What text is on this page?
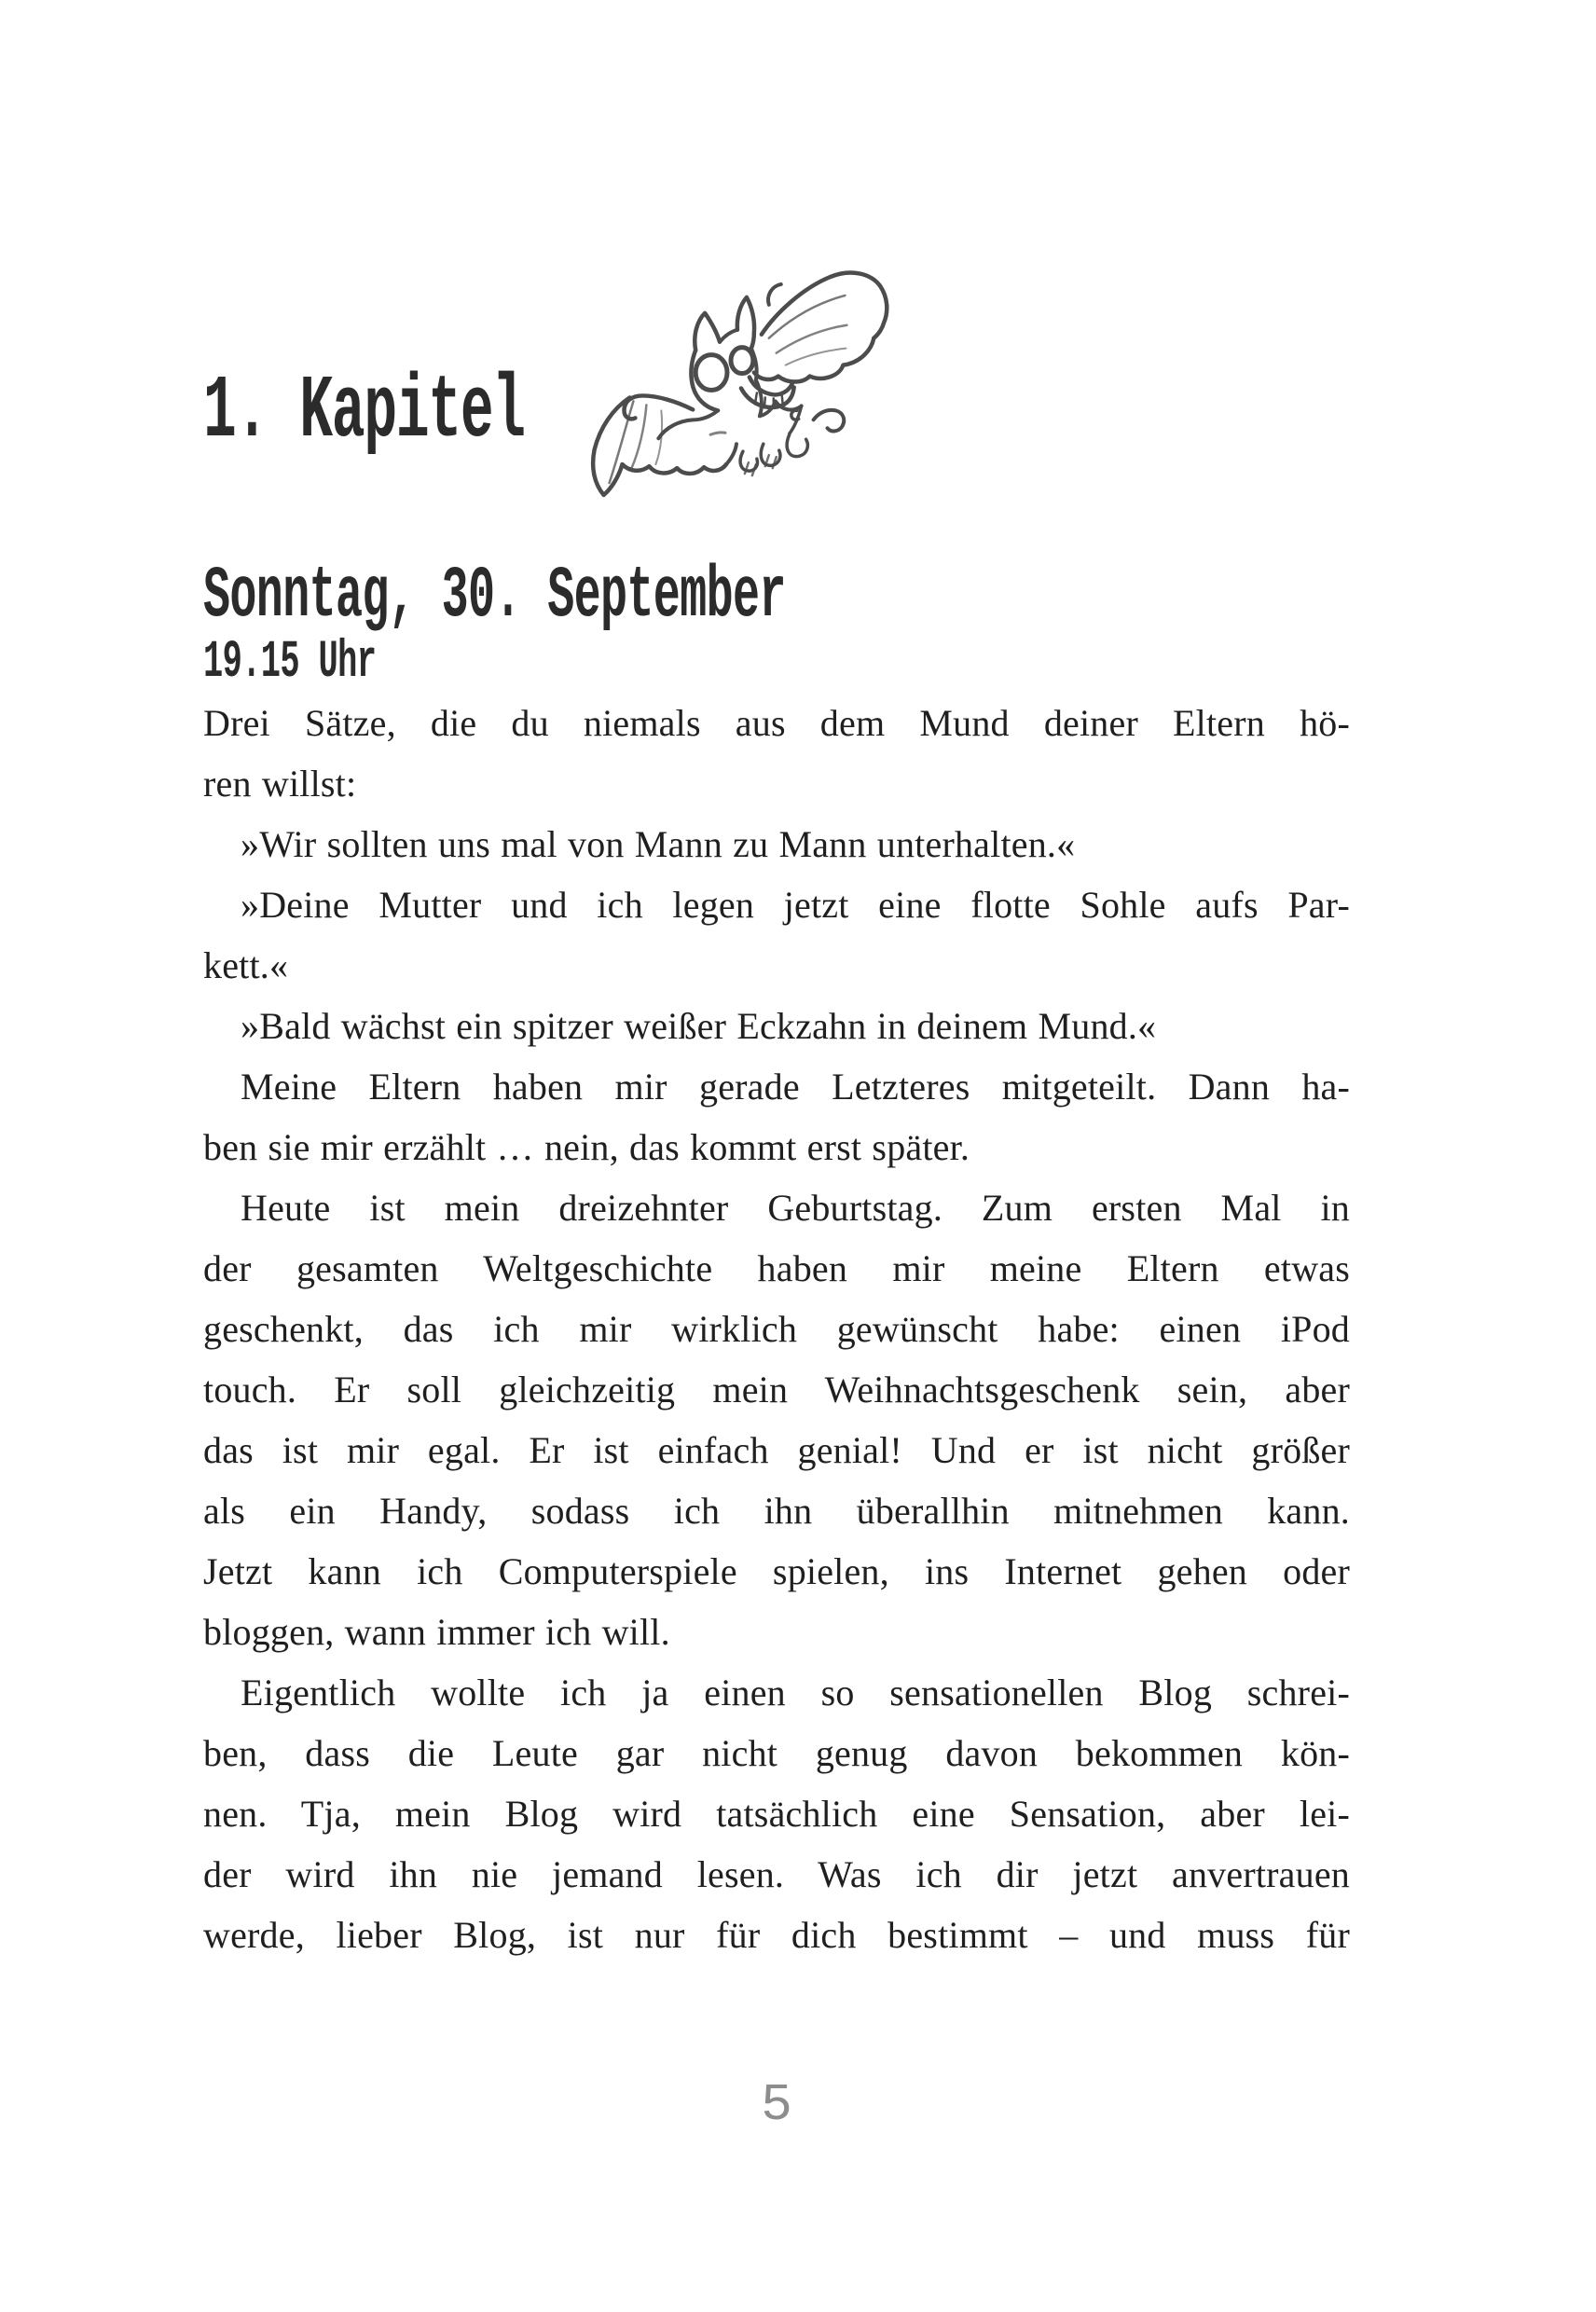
1. Kapitel
Sonntag, 30. September
19.15 Uhr
Drei Sätze, die du niemals aus dem Mund deiner Eltern hö-
ren willst:
»Wir sollten uns mal von Mann zu Mann unterhalten.«
»Deine Mutter und ich legen jetzt eine flotte Sohle aufs Par-
kett.«
»Bald wächst ein spitzer weißer Eckzahn in deinem Mund.«
Meine Eltern haben mir gerade Letzteres mitgeteilt. Dann ha-
ben sie mir erzählt … nein, das kommt erst später.
Heute ist mein dreizehnter Geburtstag. Zum ersten Mal in
der gesamten Weltgeschichte haben mir meine Eltern etwas
geschenkt, das ich mir wirklich gewünscht habe: einen iPod
touch. Er soll gleichzeitig mein Weihnachtsgeschenk sein, aber
das ist mir egal. Er ist einfach genial! Und er ist nicht größer
als ein Handy, sodass ich ihn überallhin mitnehmen kann.
Jetzt kann ich Computerspiele spielen, ins Internet gehen oder
bloggen, wann immer ich will.
Eigentlich wollte ich ja einen so sensationellen Blog schrei-
ben, dass die Leute gar nicht genug davon bekommen kön-
nen. Tja, mein Blog wird tatsächlich eine Sensation, aber lei-
der wird ihn nie jemand lesen. Was ich dir jetzt anvertrauen
werde, lieber Blog, ist nur für dich bestimmt – und muss für
5
